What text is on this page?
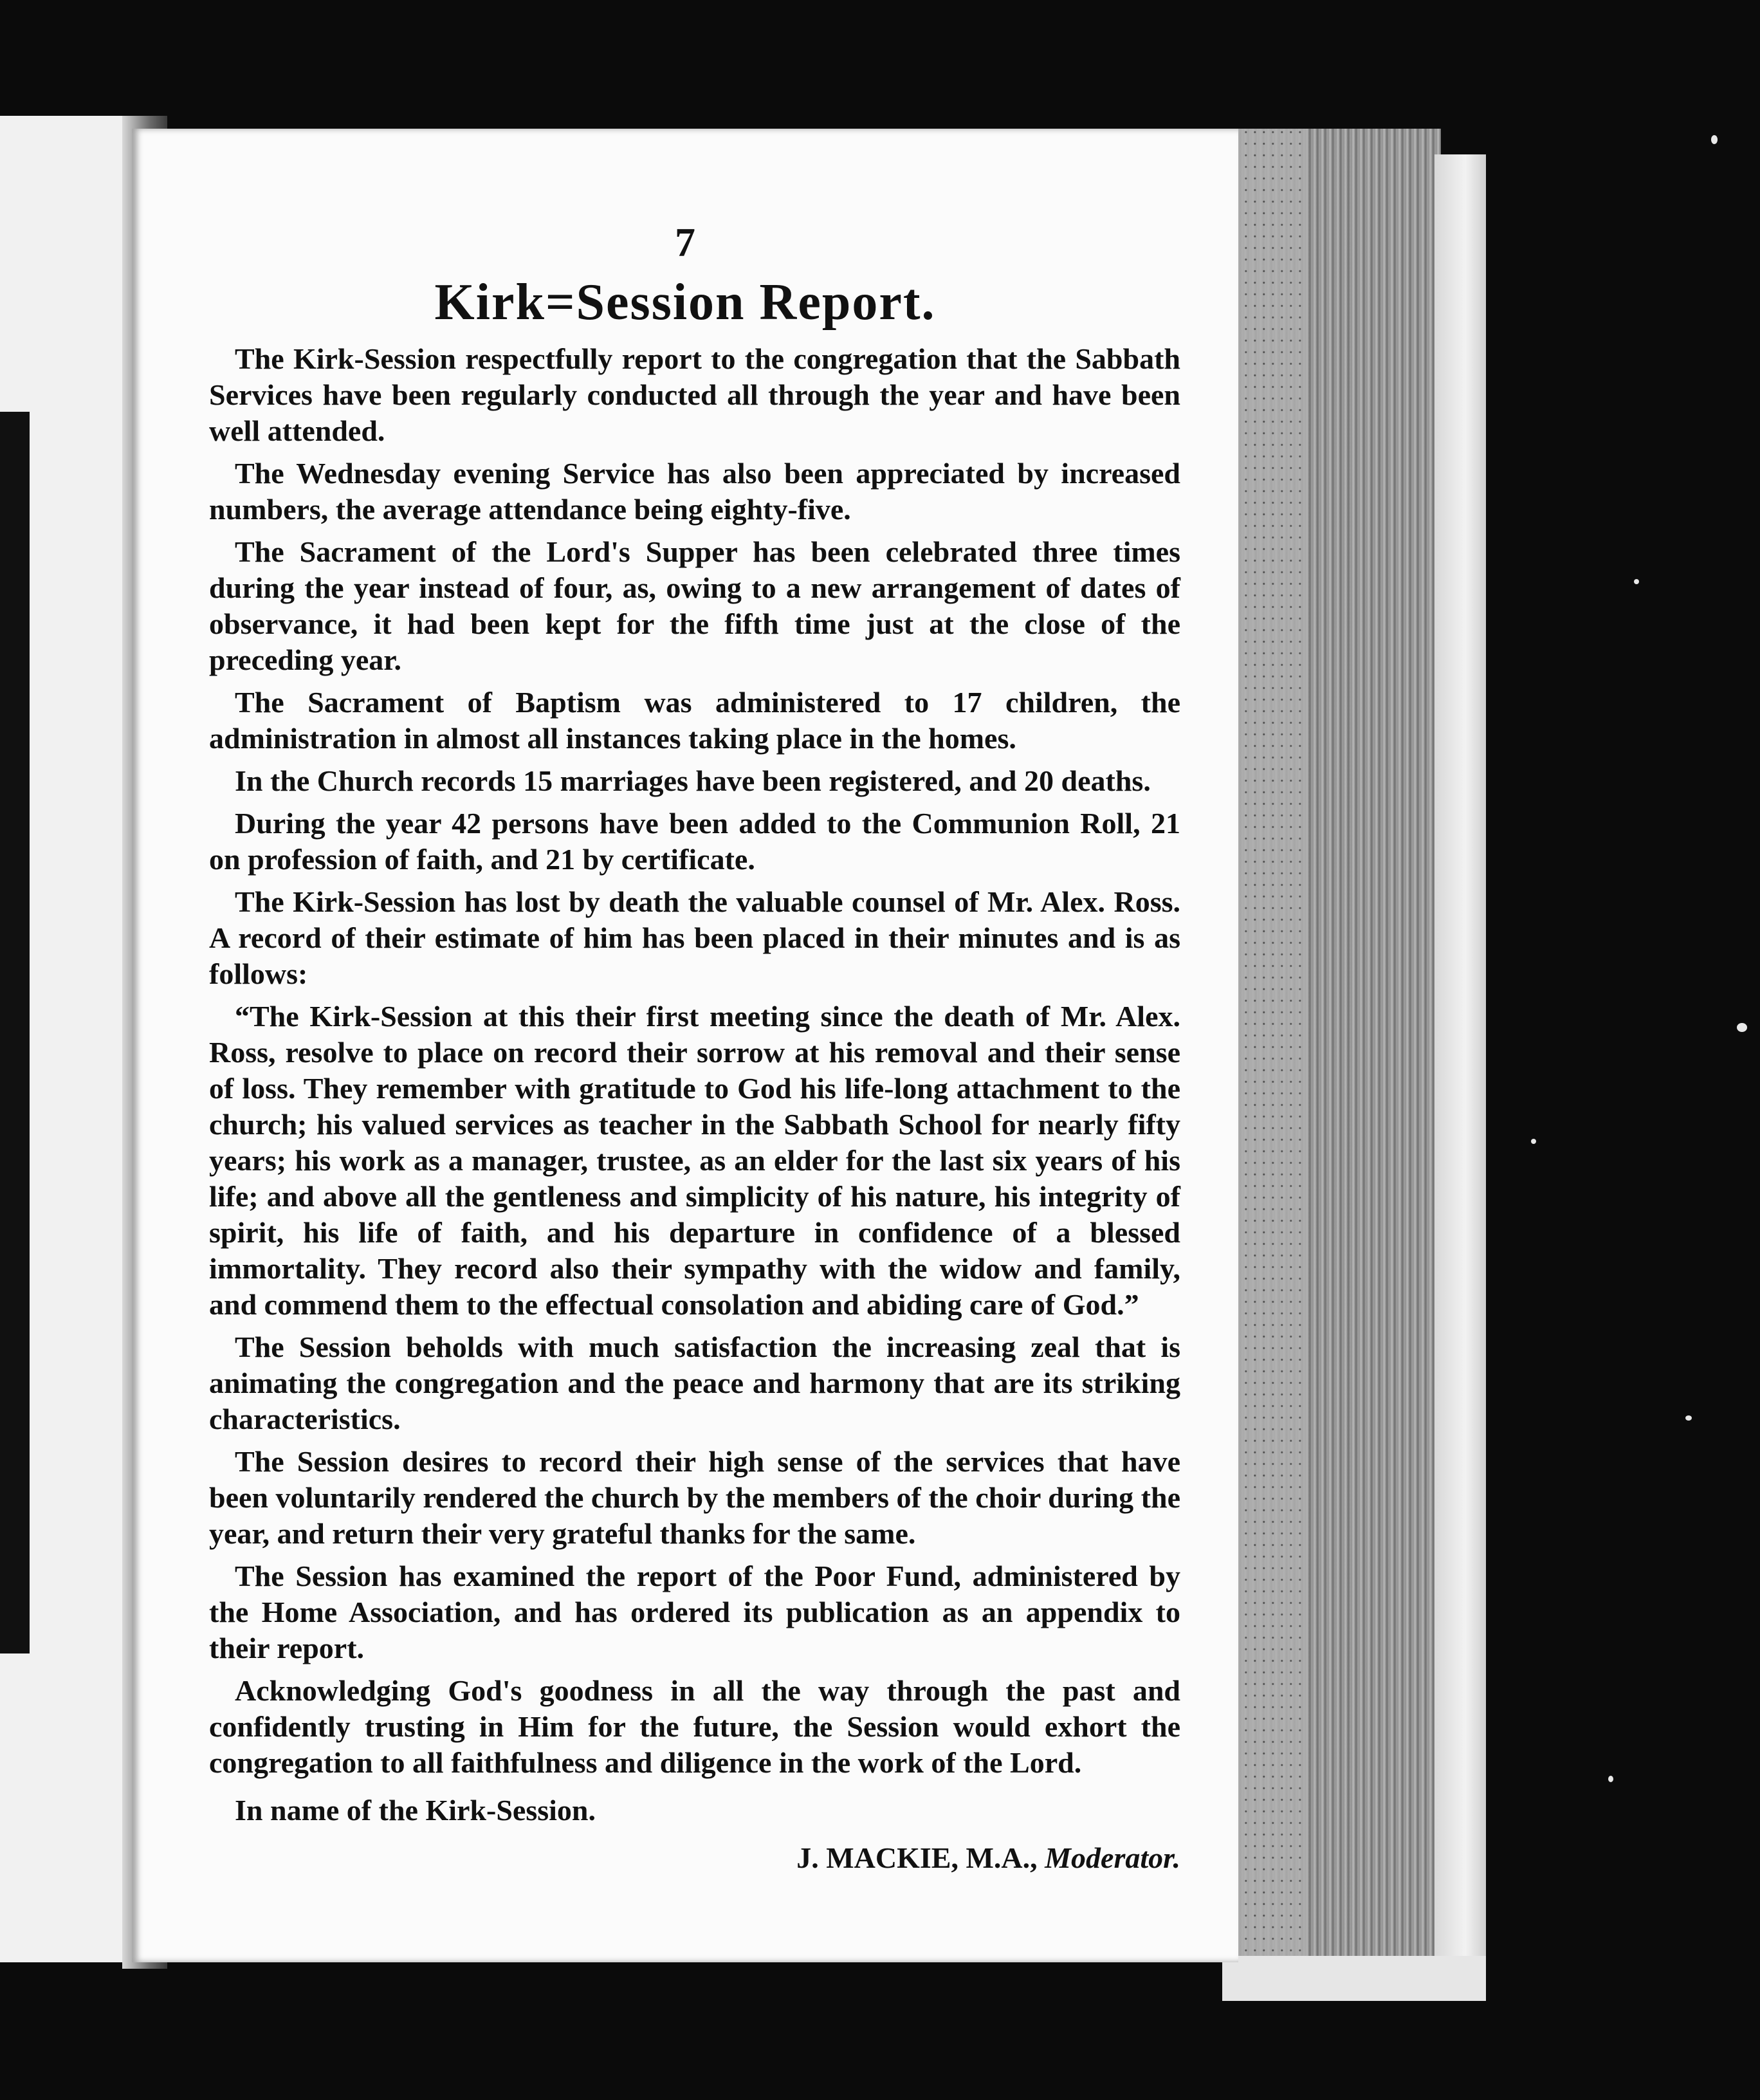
7
Kirk=Session Report.

The Kirk-Session respectfully report to the congregation that the Sabbath Services have been regularly conducted all through the year and have been well attended.

The Wednesday evening Service has also been appreciated by increased numbers, the average attendance being eighty-five.

The Sacrament of the Lord's Supper has been celebrated three times during the year instead of four, as, owing to a new arrangement of dates of observance, it had been kept for the fifth time just at the close of the preceding year.

The Sacrament of Baptism was administered to 17 children, the administration in almost all instances taking place in the homes.

In the Church records 15 marriages have been registered, and 20 deaths.

During the year 42 persons have been added to the Communion Roll, 21 on profession of faith, and 21 by certificate.

The Kirk-Session has lost by death the valuable counsel of Mr. Alex. Ross. A record of their estimate of him has been placed in their minutes and is as follows:

“The Kirk-Session at this their first meeting since the death of Mr. Alex. Ross, resolve to place on record their sorrow at his removal and their sense of loss. They remember with gratitude to God his life-long attachment to the church; his valued services as teacher in the Sabbath School for nearly fifty years; his work as a manager, trustee, as an elder for the last six years of his life; and above all the gentleness and simplicity of his nature, his integrity of spirit, his life of faith, and his departure in confidence of a blessed immortality. They record also their sympathy with the widow and family, and commend them to the effectual consolation and abiding care of God.”

The Session beholds with much satisfaction the increasing zeal that is animating the congregation and the peace and harmony that are its striking characteristics.

The Session desires to record their high sense of the services that have been voluntarily rendered the church by the members of the choir during the year, and return their very grateful thanks for the same.

The Session has examined the report of the Poor Fund, administered by the Home Association, and has ordered its publication as an appendix to their report.

Acknowledging God's goodness in all the way through the past and confidently trusting in Him for the future, the Session would exhort the congregation to all faithfulness and diligence in the work of the Lord.

In name of the Kirk-Session.

J. MACKIE, M.A., Moderator.
